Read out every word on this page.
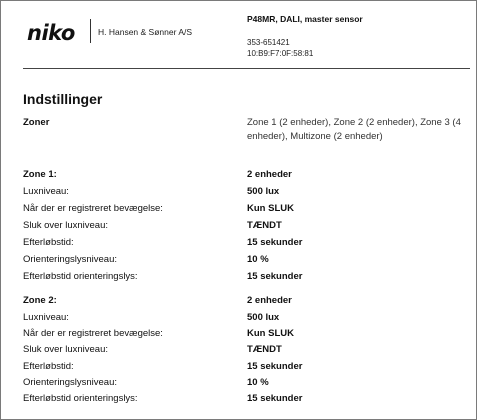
niko	H. Hansen & Sønner A/S
P48MR, DALI, master sensor
353-651421
10:B9:F7:0F:58:81
Indstillinger
Zoner	Zone 1 (2 enheder), Zone 2 (2 enheder), Zone 3 (4 enheder), Multizone (2 enheder)
Zone 1:	2 enheder
Luxniveau:	500 lux
Når der er registreret bevægelse:	Kun SLUK
Sluk over luxniveau:	TÆNDT
Efterløbstid:	15 sekunder
Orienteringslysniveau:	10 %
Efterløbstid orienteringslys:	15 sekunder
Zone 2:	2 enheder
Luxniveau:	500 lux
Når der er registreret bevægelse:	Kun SLUK
Sluk over luxniveau:	TÆNDT
Efterløbstid:	15 sekunder
Orienteringslysniveau:	10 %
Efterløbstid orienteringslys:	15 sekunder
